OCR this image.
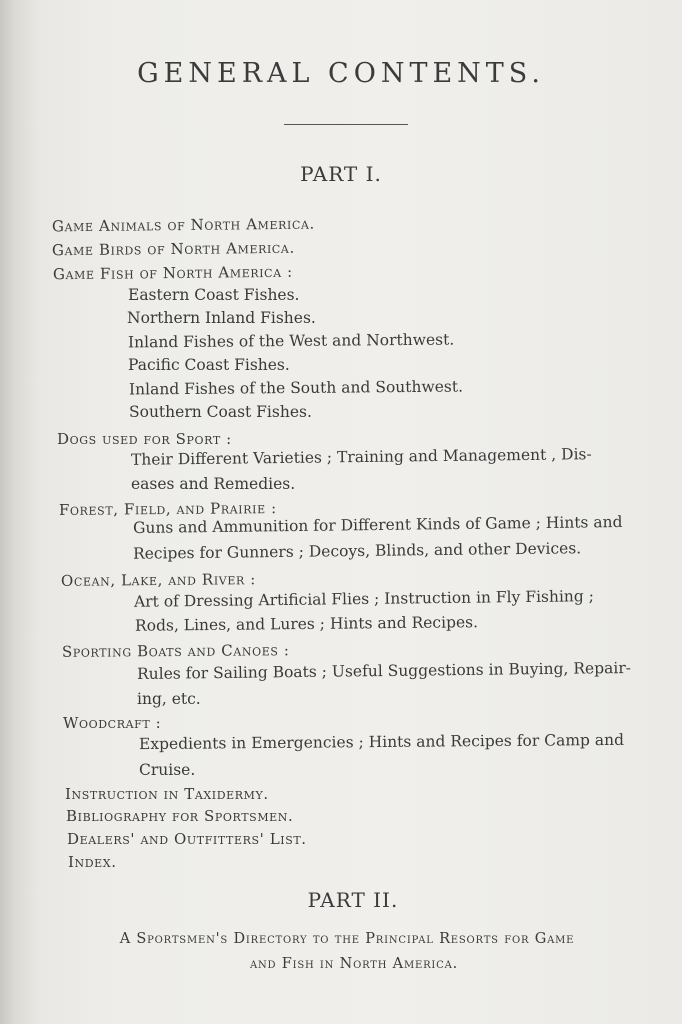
GENERAL CONTENTS.
PART I.
Game Animals of North America.
Game Birds of North America.
Game Fish of North America :
Eastern Coast Fishes.
Northern Inland Fishes.
Inland Fishes of the West and Northwest.
Pacific Coast Fishes.
Inland Fishes of the South and Southwest.
Southern Coast Fishes.
Dogs used for Sport :
Their Different Varieties ; Training and Management , Dis-
eases and Remedies.
Forest, Field, and Prairie :
Guns and Ammunition for Different Kinds of Game ; Hints and
Recipes for Gunners ; Decoys, Blinds, and other Devices.
Ocean, Lake, and River :
Art of Dressing Artificial Flies ; Instruction in Fly Fishing ;
Rods, Lines, and Lures ; Hints and Recipes.
Sporting Boats and Canoes :
Rules for Sailing Boats ; Useful Suggestions in Buying, Repair-
ing, etc.
Woodcraft :
Expedients in Emergencies ; Hints and Recipes for Camp and
Cruise.
Instruction in Taxidermy.
Bibliography for Sportsmen.
Dealers' and Outfitters' List.
Index.
PART II.
A Sportsmen's Directory to the Principal Resorts for Game
and Fish in North America.
